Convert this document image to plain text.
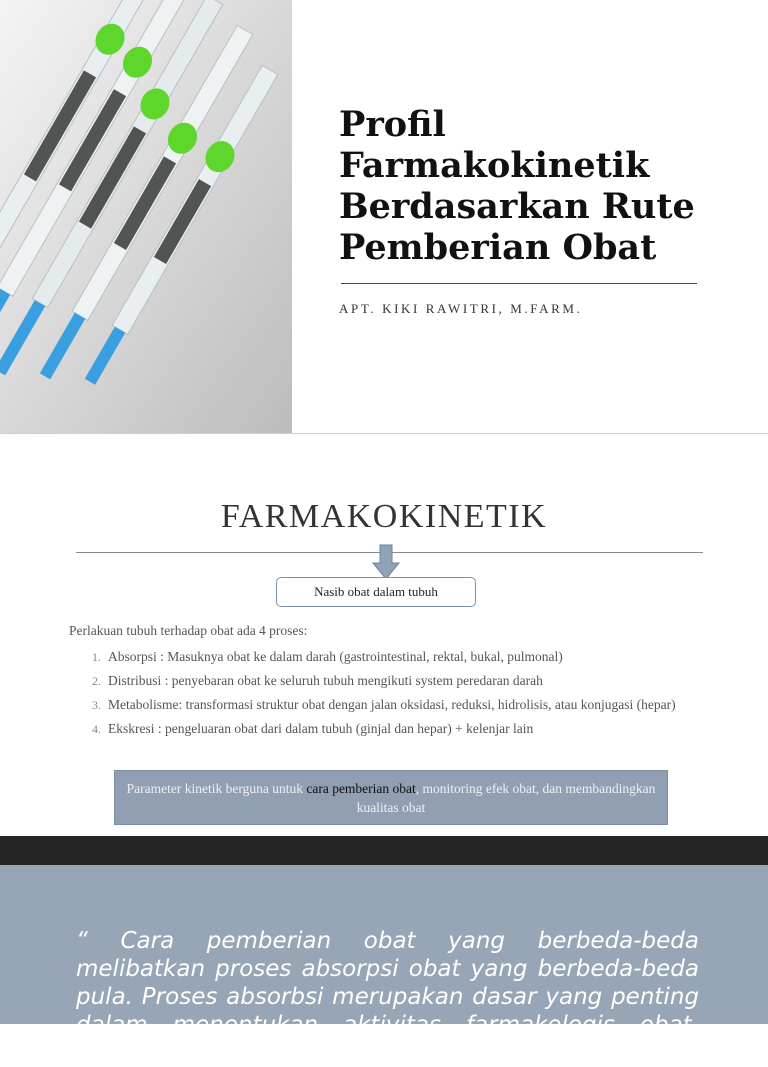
Profil Farmakokinetik Berdasarkan Rute Pemberian Obat
APT. KIKI RAWITRI, M.FARM.
FARMAKOKINETIK
Nasib obat dalam tubuh
Perlakuan tubuh terhadap obat ada 4 proses:
1. Absorpsi : Masuknya obat ke dalam darah (gastrointestinal, rektal, bukal, pulmonal)
2. Distribusi : penyebaran obat ke seluruh tubuh mengikuti system peredaran darah
3. Metabolisme: transformasi struktur obat dengan jalan oksidasi, reduksi, hidrolisis, atau konjugasi (hepar)
4. Ekskresi : pengeluaran obat dari dalam tubuh (ginjal dan hepar) + kelenjar lain
Parameter kinetik berguna untuk cara pemberian obat, monitoring efek obat, dan membandingkan kualitas obat

“ Cara pemberian obat yang berbeda-beda melibatkan proses absorpsi obat yang berbeda-beda pula. Proses absorbsi merupakan dasar yang penting dalam menentukan aktivitas farmakologis obat. Kegagalan atau
